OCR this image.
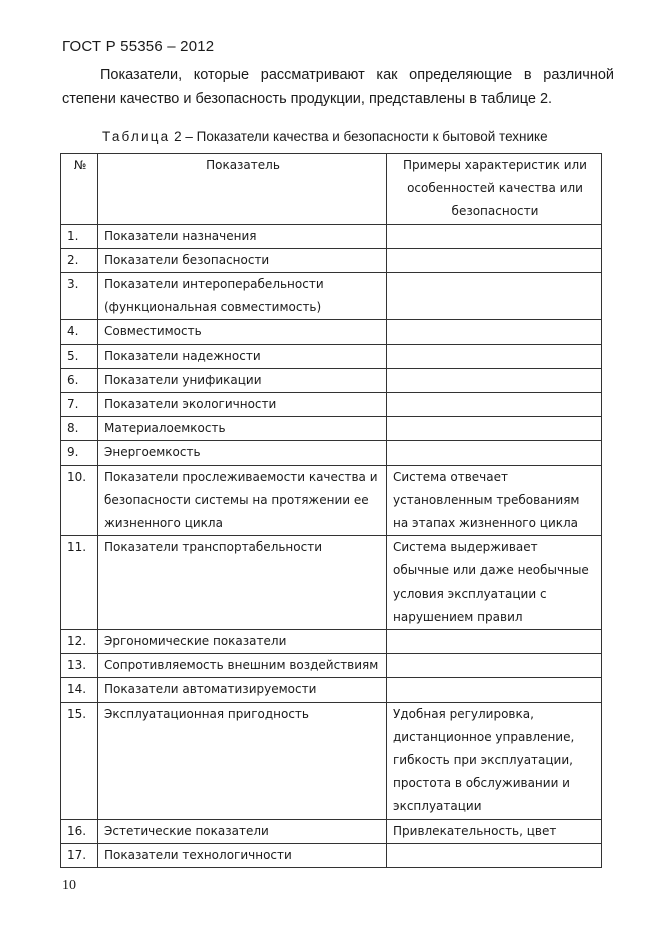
ГОСТ Р 55356 – 2012
Показатели, которые рассматривают как определяющие в различной
степени качество и безопасность продукции, представлены в таблице 2.
Таблица 2 – Показатели качества и безопасности к бытовой технике
№	Показатель	Примеры характеристик или особенностей качества или безопасности
1.	Показатели назначения	
2.	Показатели безопасности	
3.	Показатели интероперабельности (функциональная совместимость)	
4.	Совместимость	
5.	Показатели надежности	
6.	Показатели унификации	
7.	Показатели экологичности	
8.	Материалоемкость	
9.	Энергоемкость	
10.	Показатели прослеживаемости качества и безопасности системы на протяжении ее жизненного цикла	Система отвечает установленным требованиям на этапах жизненного цикла
11.	Показатели транспортабельности	Система выдерживает обычные или даже необычные условия эксплуатации с нарушением правил
12.	Эргономические показатели	
13.	Сопротивляемость внешним воздействиям	
14.	Показатели автоматизируемости	
15.	Эксплуатационная пригодность	Удобная регулировка, дистанционное управление, гибкость при эксплуатации, простота в обслуживании и эксплуатации
16.	Эстетические показатели	Привлекательность, цвет
17.	Показатели технологичности	
10
